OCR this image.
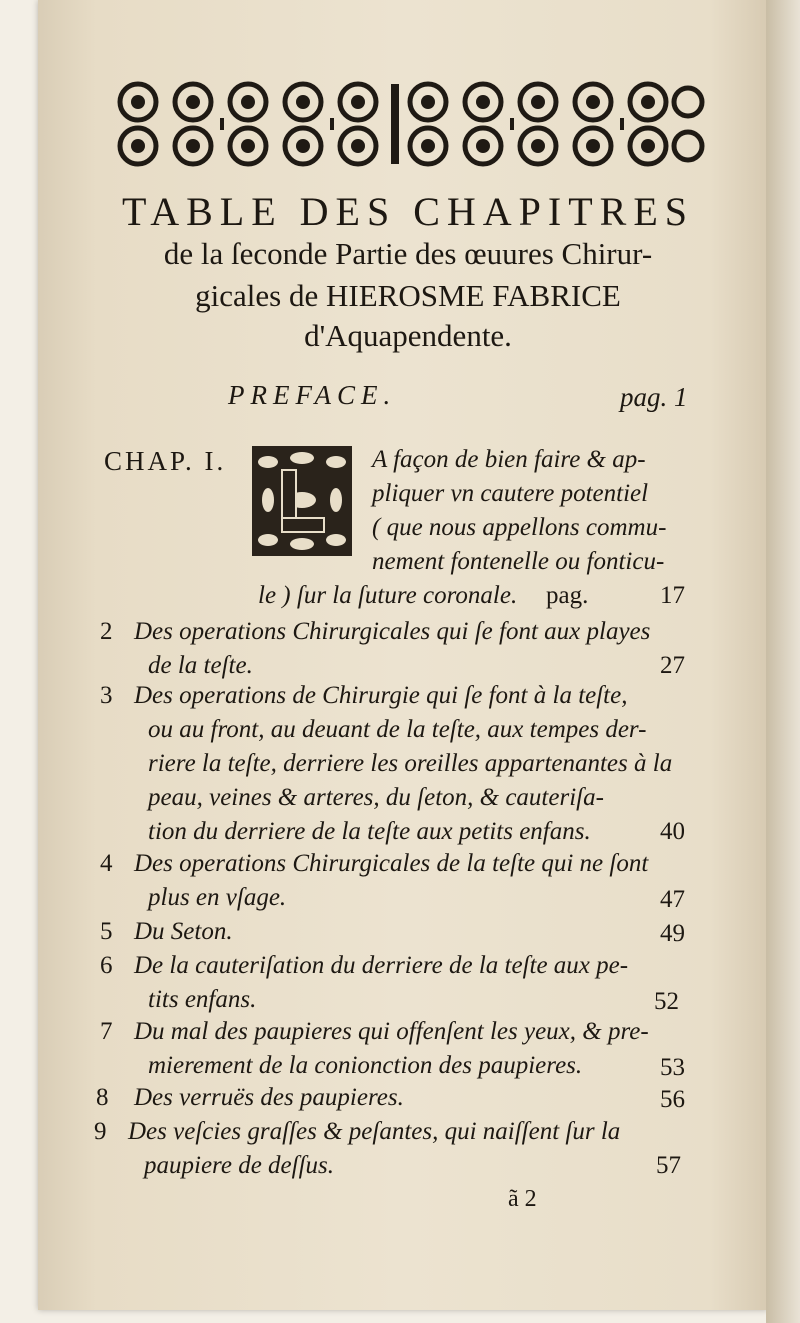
TABLE DES CHAPITRES
de la ſeconde Partie des œuures Chirur-
gicales de HIEROSME FABRICE
d'Aquapendente.
PREFACE.	pag. 1
CHAP. I.	A façon de bien faire & ap-
pliquer vn cautere potentiel
( que nous appellons commu-
nement fontenelle ou fonticu-
le ) ſur la ſuture coronale. pag.	17
2 Des operations Chirurgicales qui ſe font aux playes
de la teſte.	27
3 Des operations de Chirurgie qui ſe font à la teſte,
ou au front, au deuant de la teſte, aux tempes der-
riere la teſte, derriere les oreilles appartenantes à la
peau, veines & arteres, du ſeton, & cauteriſa-
tion du derriere de la teſte aux petits enfans.	40
4 Des operations Chirurgicales de la teſte qui ne ſont
plus en vſage.	47
5 Du Seton.	49
6 De la cauteriſation du derriere de la teſte aux pe-
tits enfans.	52
7 Du mal des paupieres qui offenſent les yeux, & pre-
mierement de la conionction des paupieres.	53
8 Des verruës des paupieres.	56
9 Des veſcies graſſes & peſantes, qui naiſſent ſur la
paupiere de deſſus.	57
ã 2
